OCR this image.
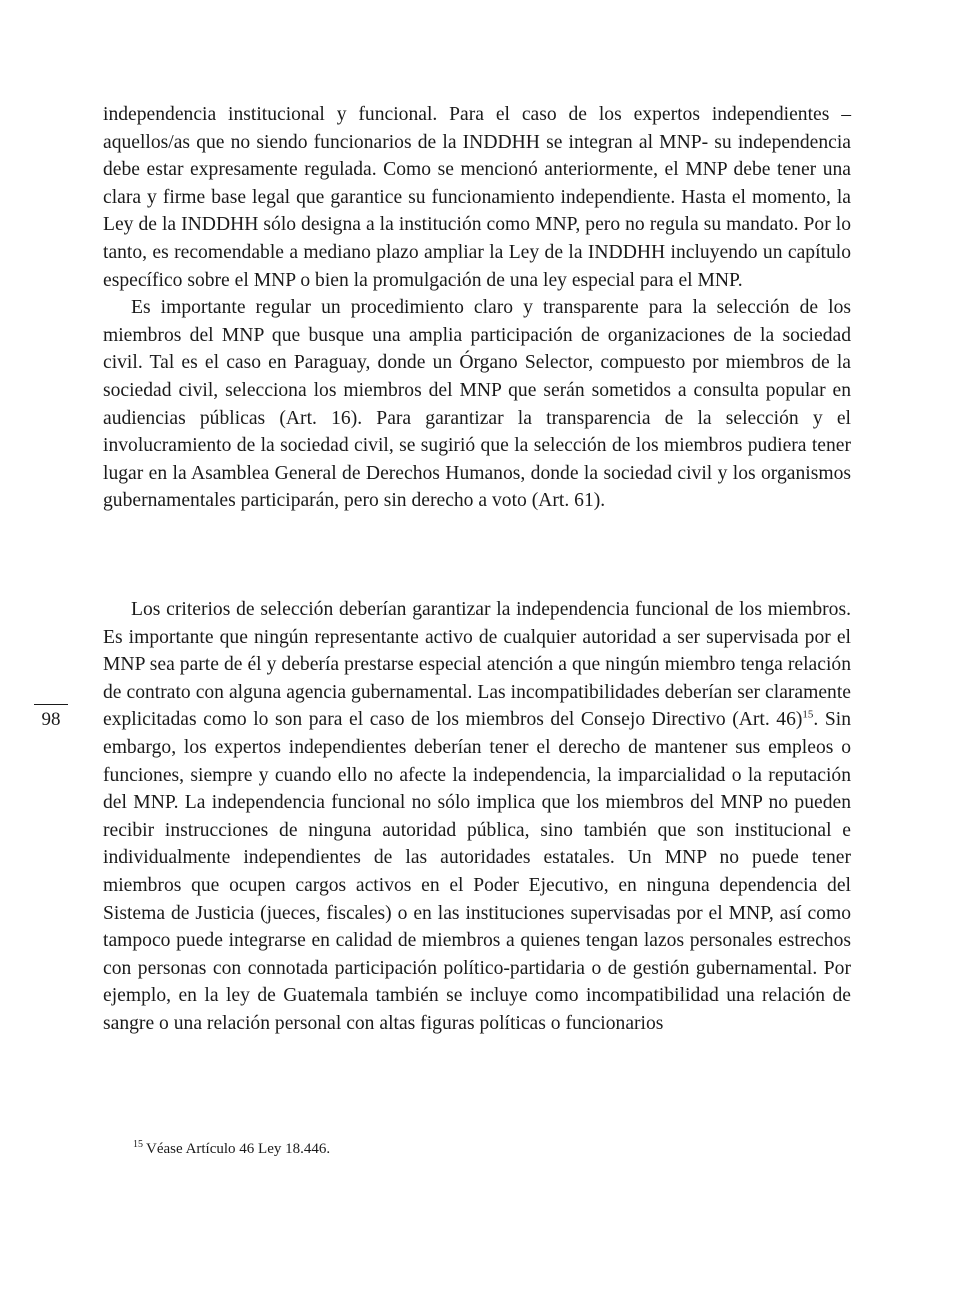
independencia institucional y funcional. Para el caso de los expertos independientes – aquellos/as que no siendo funcionarios de la INDDHH se integran al MNP- su independencia debe estar expresamente regulada. Como se mencionó anteriormente, el MNP debe tener una clara y firme base legal que garantice su funcionamiento independiente. Hasta el momento, la Ley de la INDDHH sólo designa a la institución como MNP, pero no regula su mandato. Por lo tanto, es recomendable a mediano plazo ampliar la Ley de la INDDHH incluyendo un capítulo específico sobre el MNP o bien la promulgación de una ley especial para el MNP.

Es importante regular un procedimiento claro y transparente para la selección de los miembros del MNP que busque una amplia participación de organizaciones de la sociedad civil. Tal es el caso en Paraguay, donde un Órgano Selector, compuesto por miembros de la sociedad civil, selecciona los miembros del MNP que serán sometidos a consulta popular en audiencias públicas (Art. 16). Para garantizar la transparencia de la selección y el involucramiento de la sociedad civil, se sugirió que la selección de los miembros pudiera tener lugar en la Asamblea General de Derechos Humanos, donde la sociedad civil y los organismos gubernamentales participarán, pero sin derecho a voto (Art. 61).

Los criterios de selección deberían garantizar la independencia funcional de los miembros. Es importante que ningún representante activo de cualquier autoridad a ser supervisada por el MNP sea parte de él y debería prestarse especial atención a que ningún miembro tenga relación de contrato con alguna agencia gubernamental. Las incompatibilidades deberían ser claramente explicitadas como lo son para el caso de los miembros del Consejo Directivo (Art. 46)$^{15}$. Sin embargo, los expertos independientes deberían tener el derecho de mantener sus empleos o funciones, siempre y cuando ello no afecte la independencia, la imparcialidad o la reputación del MNP. La independencia funcional no sólo implica que los miembros del MNP no pueden recibir instrucciones de ninguna autoridad pública, sino también que son institucional e individualmente independientes de las autoridades estatales. Un MNP no puede tener miembros que ocupen cargos activos en el Poder Ejecutivo, en ninguna dependencia del Sistema de Justicia (jueces, fiscales) o en las instituciones supervisadas por el MNP, así como tampoco puede integrarse en calidad de miembros a quienes tengan lazos personales estrechos con personas con connotada participación político-partidaria o de gestión gubernamental. Por ejemplo, en la ley de Guatemala también se incluye como incompatibilidad una relación de sangre o una relación personal con altas figuras políticas o funcionarios

98
$^{15}$ Véase Artículo 46 Ley 18.446.
